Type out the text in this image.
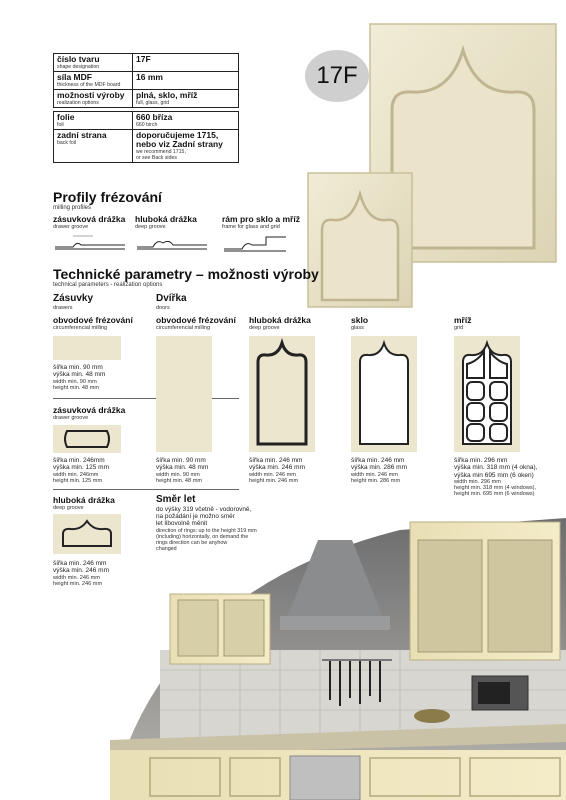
číslo tvaru
shape designation	17F

síla MDF
thickness of the MDF board	16 mm

možnosti výroby
realization options	plná, sklo, mříž
full, glass, grid

folie
foil	660 bříza
660 birch

zadní strana
back foil	doporučujeme 1715,
nebo viz Zadní strany
we recommend 1715,
or see Back sides
17F
Profily frézování
milling profiles
zásuvková drážka
drawer groove
hluboká drážka
deep groove
rám pro sklo a mříž
frame for glass and grid
Technické parametry – možnosti výroby
technical parameters - realization options
Zásuvky
drawers
Dvířka
doors
obvodové frézování
circumferencial milling
šířka min. 90 mm
výška min. 48 mm
width min. 90 mm
height min. 48 mm
zásuvková drážka
drawer groove
šířka min. 246mm
výška min. 125 mm
width min. 246mm
height min. 125 mm
hluboká drážka
deep groove
šířka min. 246 mm
výška min. 246 mm
width min. 246 mm
height min. 246 mm
obvodové frézování
circumferencial milling
šířka min. 90 mm
výška min. 48 mm
width min. 90 mm
height min. 48 mm
hluboká drážka
deep groove
šířka min. 246 mm
výška min. 246 mm
width min. 246 mm
height min. 246 mm
sklo
glass
šířka min. 246 mm
výška min. 286 mm
width min. 246 mm
height min. 286 mm
mříž
grid
šířka min. 296 mm
výška min. 318 mm (4 okna),
výška min 695 mm (6 oken)
width min. 296 mm
height min. 318 mm (4 windows),
height min. 695 mm (6 windows)
Směr let
do výšky 319 včetně - vodorovně,
na požádání je možno směr
let libovolně měnit
direction of rings: up to the height 319 mm
(including) horizontally, on demand the
rings direction can be anyhow
changed
